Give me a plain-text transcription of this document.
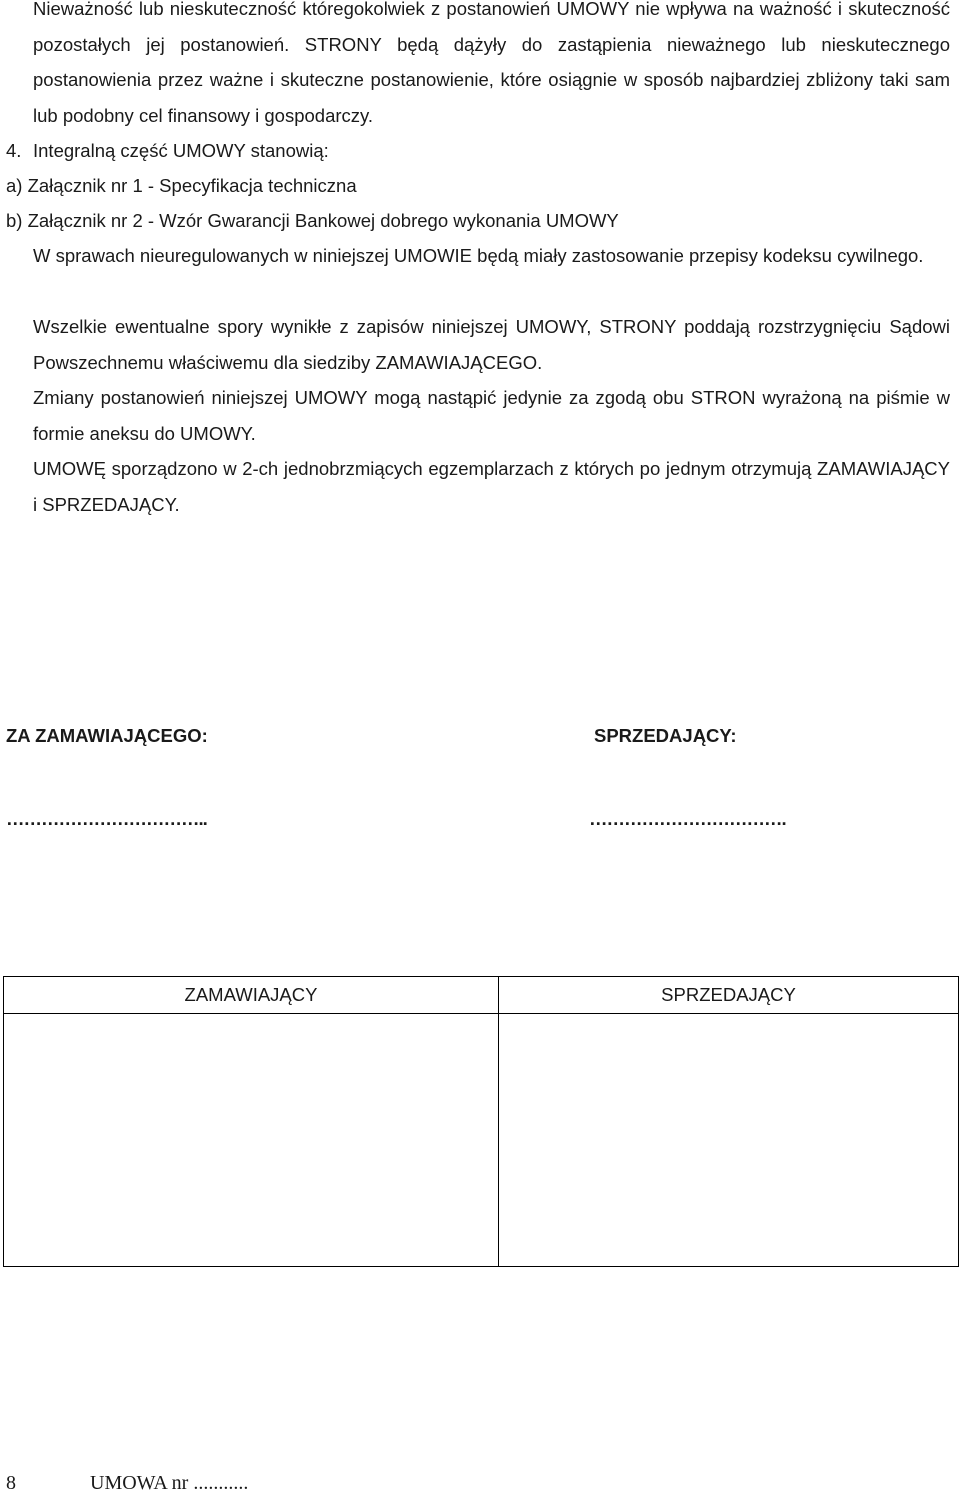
Nieważność lub nieskuteczność któregokolwiek z postanowień UMOWY nie wpływa na ważność i skuteczność pozostałych jej postanowień. STRONY będą dążyły do zastąpienia nieważnego lub nieskutecznego postanowienia przez ważne i skuteczne postanowienie, które osiągnie w sposób najbardziej zbliżony taki sam lub podobny cel finansowy i gospodarczy.
4. Integralną część UMOWY stanowią:
a) Załącznik nr 1 - Specyfikacja techniczna
b) Załącznik nr 2 - Wzór Gwarancji Bankowej dobrego wykonania UMOWY
W sprawach nieuregulowanych w niniejszej UMOWIE będą miały zastosowanie przepisy kodeksu cywilnego.
Wszelkie ewentualne spory wynikłe z zapisów niniejszej UMOWY, STRONY poddają rozstrzygnięciu Sądowi Powszechnemu właściwemu dla siedziby ZAMAWIAJĄCEGO.
Zmiany postanowień niniejszej UMOWY mogą nastąpić jedynie za zgodą obu STRON wyrażoną na piśmie w formie aneksu do UMOWY.
UMOWĘ sporządzono w 2-ch jednobrzmiących egzemplarzach z których po jednym otrzymują ZAMAWIAJĄCY i SPRZEDAJĄCY.
ZA ZAMAWIAJĄCEGO:	SPRZEDAJĄCY:
……………………………..	…………………………….
ZAMAWIAJĄCY	SPRZEDAJĄCY

8	UMOWA nr ...........
